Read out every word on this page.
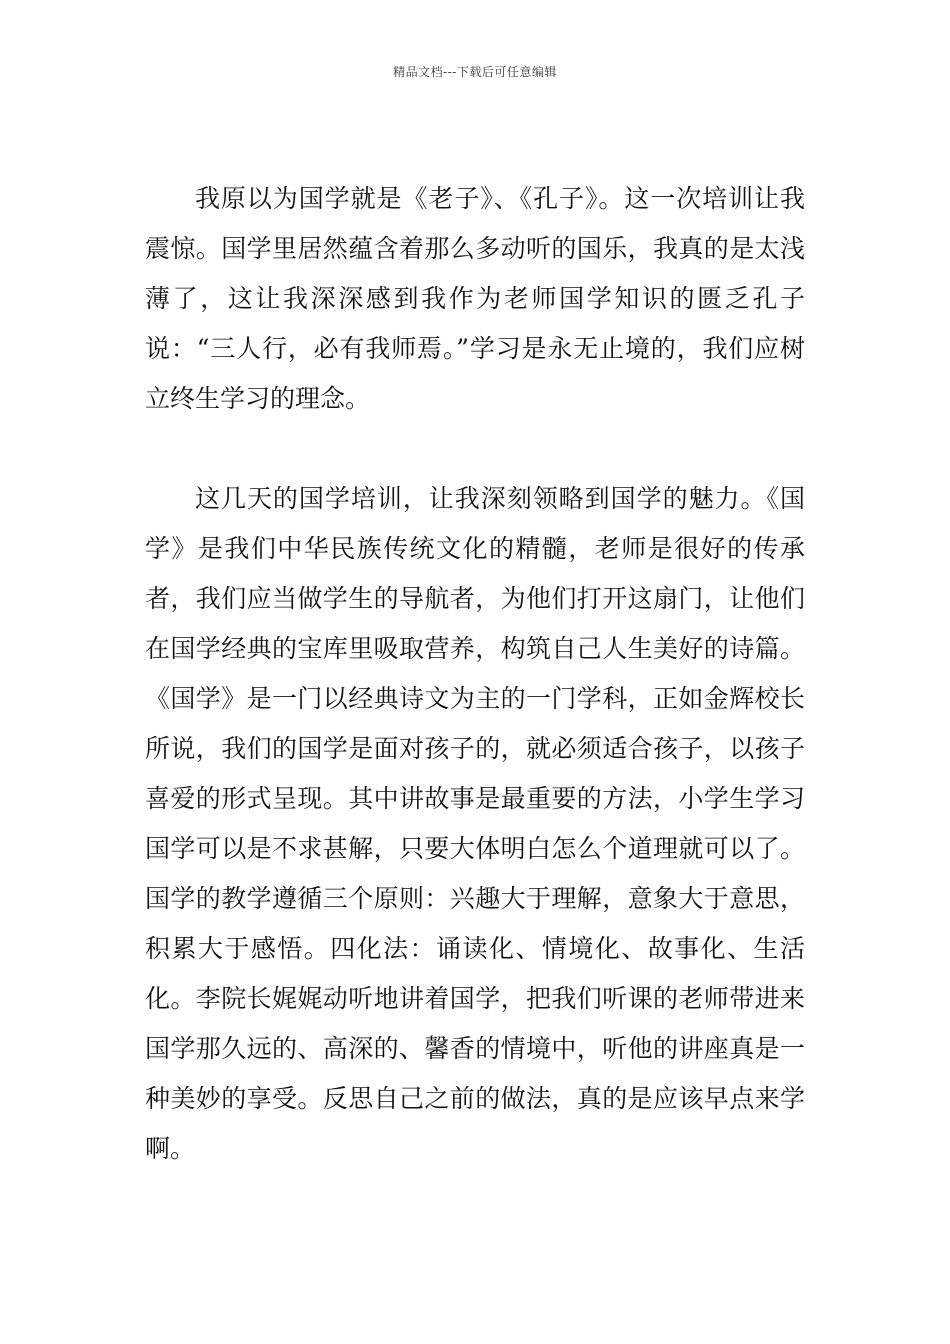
精品文档---下载后可任意编辑

我原以为国学就是《老子》、《孔子》。这一次培训让我震惊。国学里居然蕴含着那么多动听的国乐，我真的是太浅薄了，这让我深深感到我作为老师国学知识的匮乏孔子说：“三人行，必有我师焉。”学习是永无止境的，我们应树立终生学习的理念。

这几天的国学培训，让我深刻领略到国学的魅力。《国学》是我们中华民族传统文化的精髓，老师是很好的传承者，我们应当做学生的导航者，为他们打开这扇门，让他们在国学经典的宝库里吸取营养，构筑自己人生美好的诗篇。《国学》是一门以经典诗文为主的一门学科，正如金辉校长所说，我们的国学是面对孩子的，就必须适合孩子，以孩子喜爱的形式呈现。其中讲故事是最重要的方法，小学生学习国学可以是不求甚解，只要大体明白怎么个道理就可以了。国学的教学遵循三个原则：兴趣大于理解，意象大于意思，积累大于感悟。四化法：诵读化、情境化、故事化、生活化。李院长娓娓动听地讲着国学，把我们听课的老师带进来国学那久远的、高深的、馨香的情境中，听他的讲座真是一种美妙的享受。反思自己之前的做法，真的是应该早点来学啊。
